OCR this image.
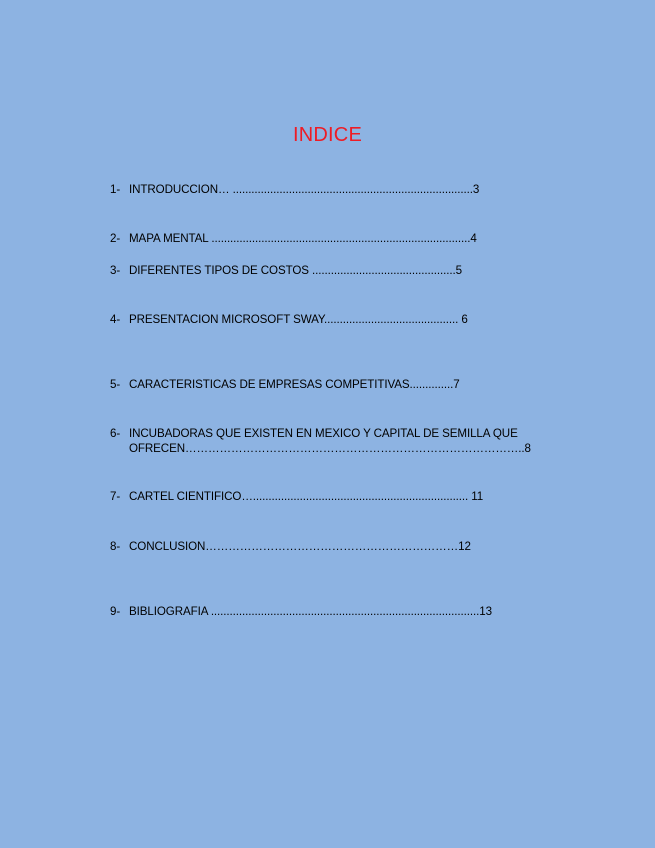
INDICE
1- INTRODUCCION… .............................................................................3
2- MAPA MENTAL ...................................................................................4
3- DIFERENTES TIPOS DE COSTOS ..............................................5
4- PRESENTACION MICROSOFT SWAY........................................... 6
5- CARACTERISTICAS DE EMPRESAS COMPETITIVAS..............7
6- INCUBADORAS QUE EXISTEN EN MEXICO Y CAPITAL DE SEMILLA QUE
OFRECEN……………………………………………………………………………..8
7- CARTEL CIENTIFICO…..................................................................... 11
8- CONCLUSION…………………………………………………………12
9- BIBLIOGRAFIA ......................................................................................13
